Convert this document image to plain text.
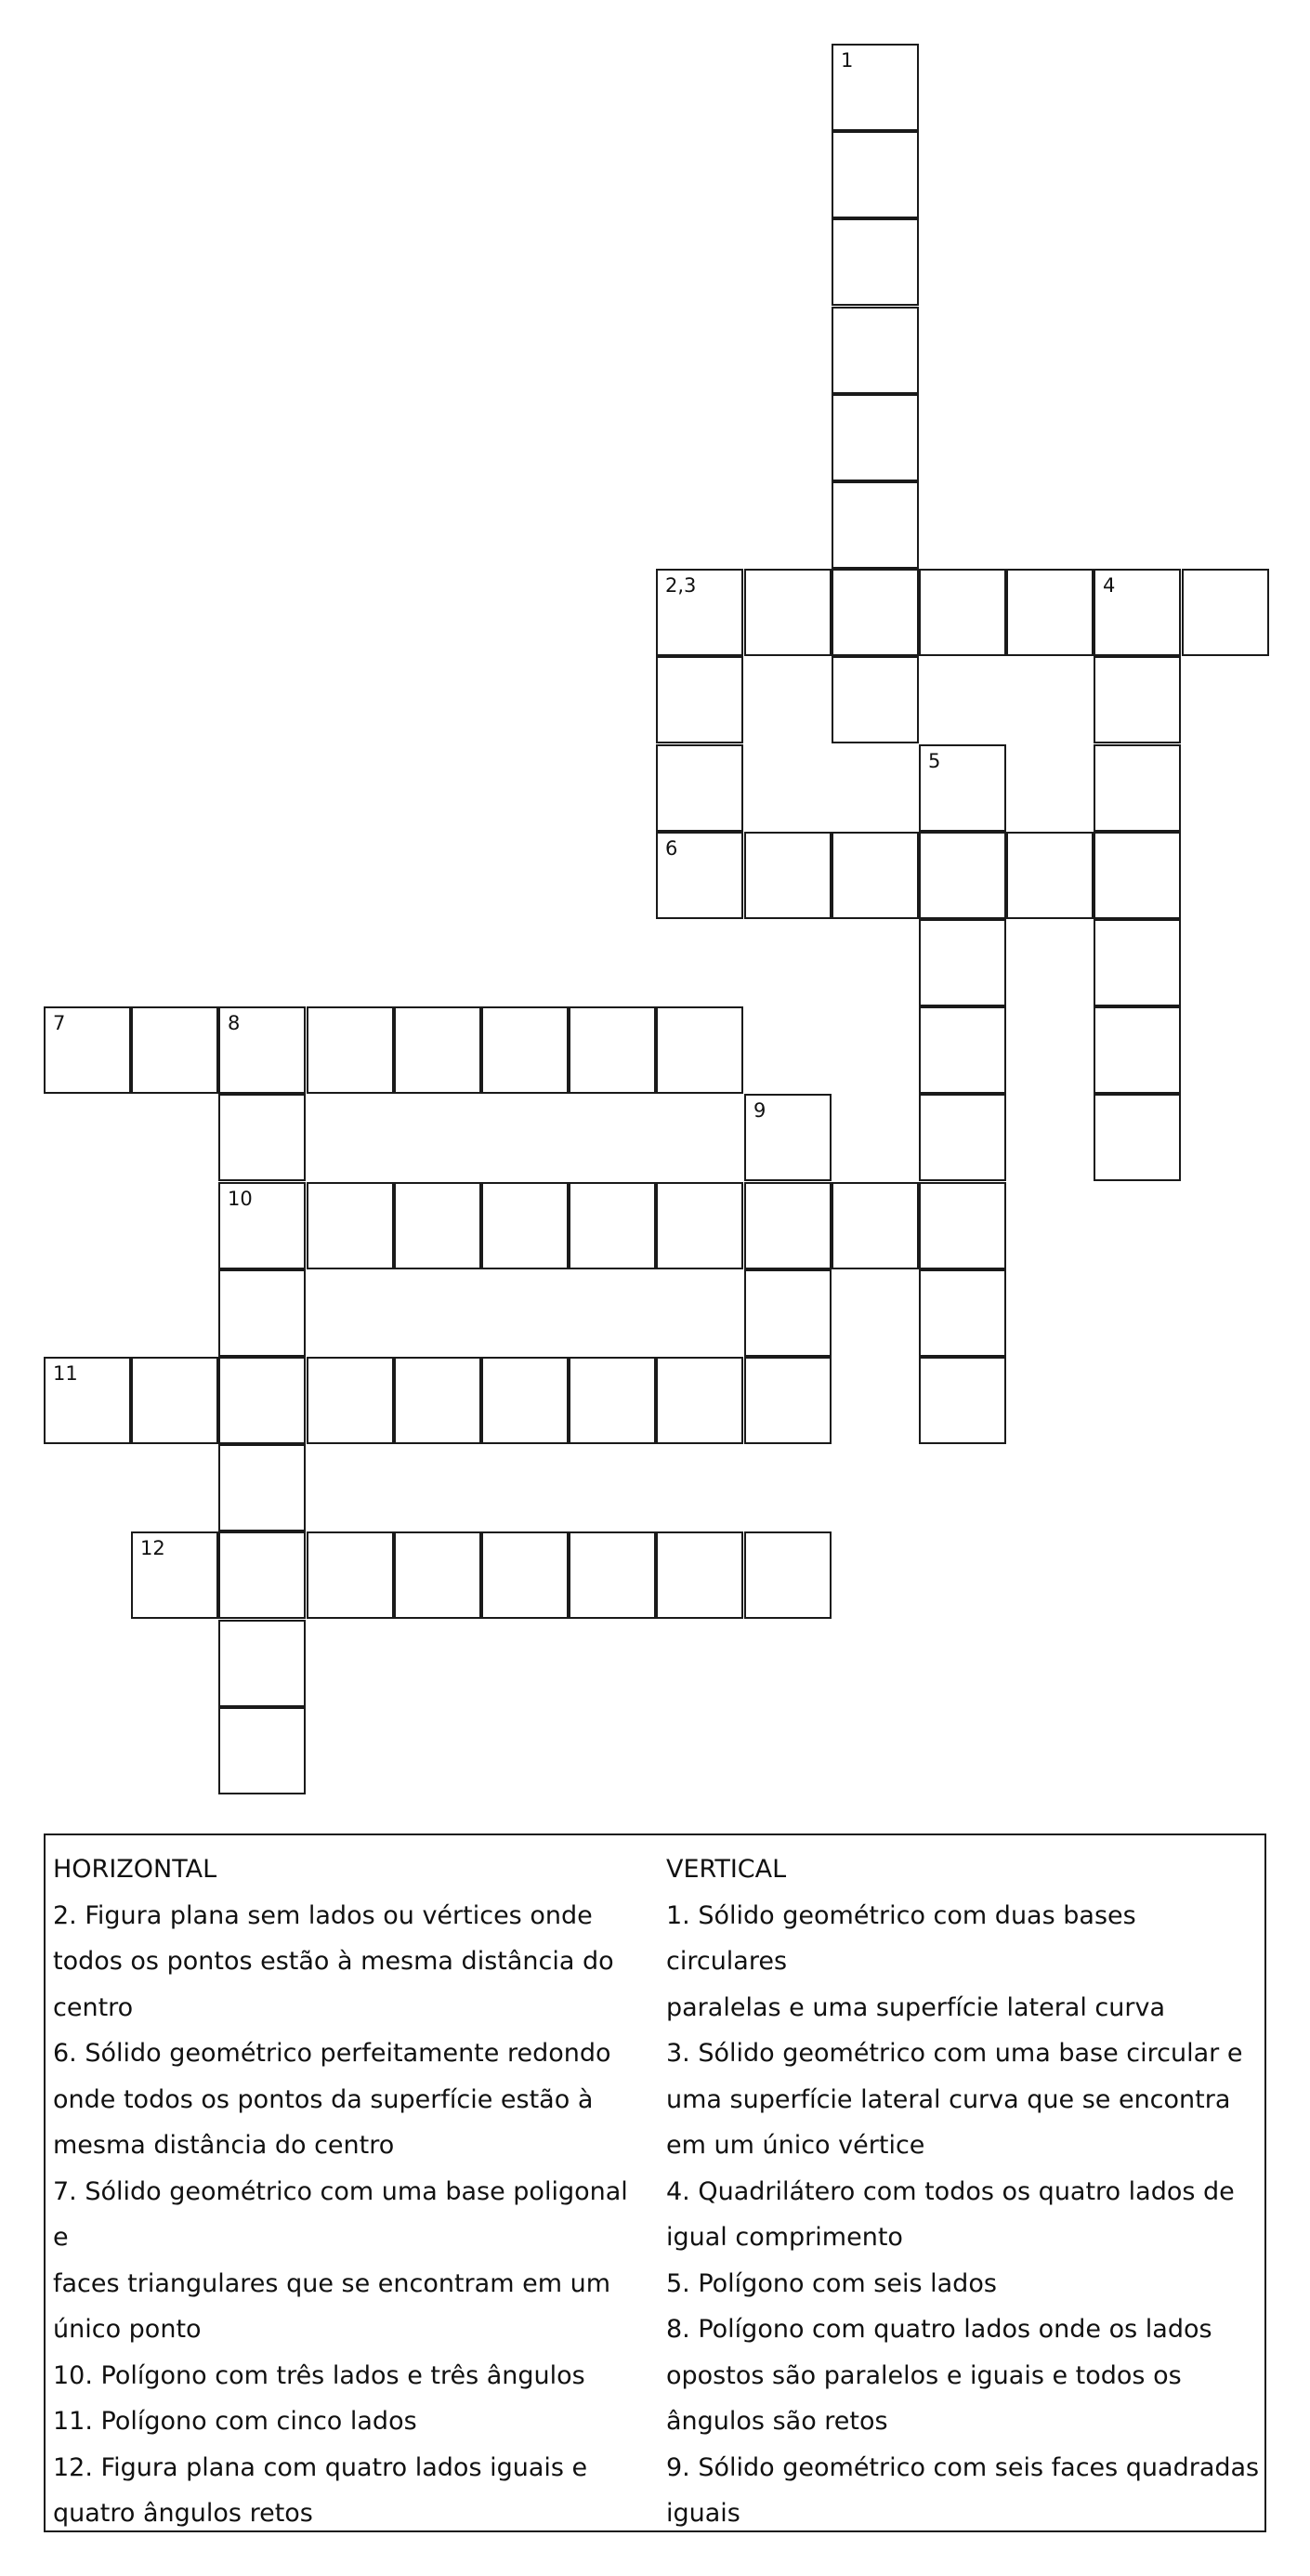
1
2,3	4
5
6
7	8
9
10
11
12
HORIZONTAL
2. Figura plana sem lados ou vértices onde
todos os pontos estão à mesma distância do
centro
6. Sólido geométrico perfeitamente redondo
onde todos os pontos da superfície estão à
mesma distância do centro
7. Sólido geométrico com uma base poligonal e
faces triangulares que se encontram em um
único ponto
10. Polígono com três lados e três ângulos
11. Polígono com cinco lados
12. Figura plana com quatro lados iguais e
quatro ângulos retos
VERTICAL
1. Sólido geométrico com duas bases circulares
paralelas e uma superfície lateral curva
3. Sólido geométrico com uma base circular e
uma superfície lateral curva que se encontra
em um único vértice
4. Quadrilátero com todos os quatro lados de
igual comprimento
5. Polígono com seis lados
8. Polígono com quatro lados onde os lados
opostos são paralelos e iguais e todos os
ângulos são retos
9. Sólido geométrico com seis faces quadradas
iguais
